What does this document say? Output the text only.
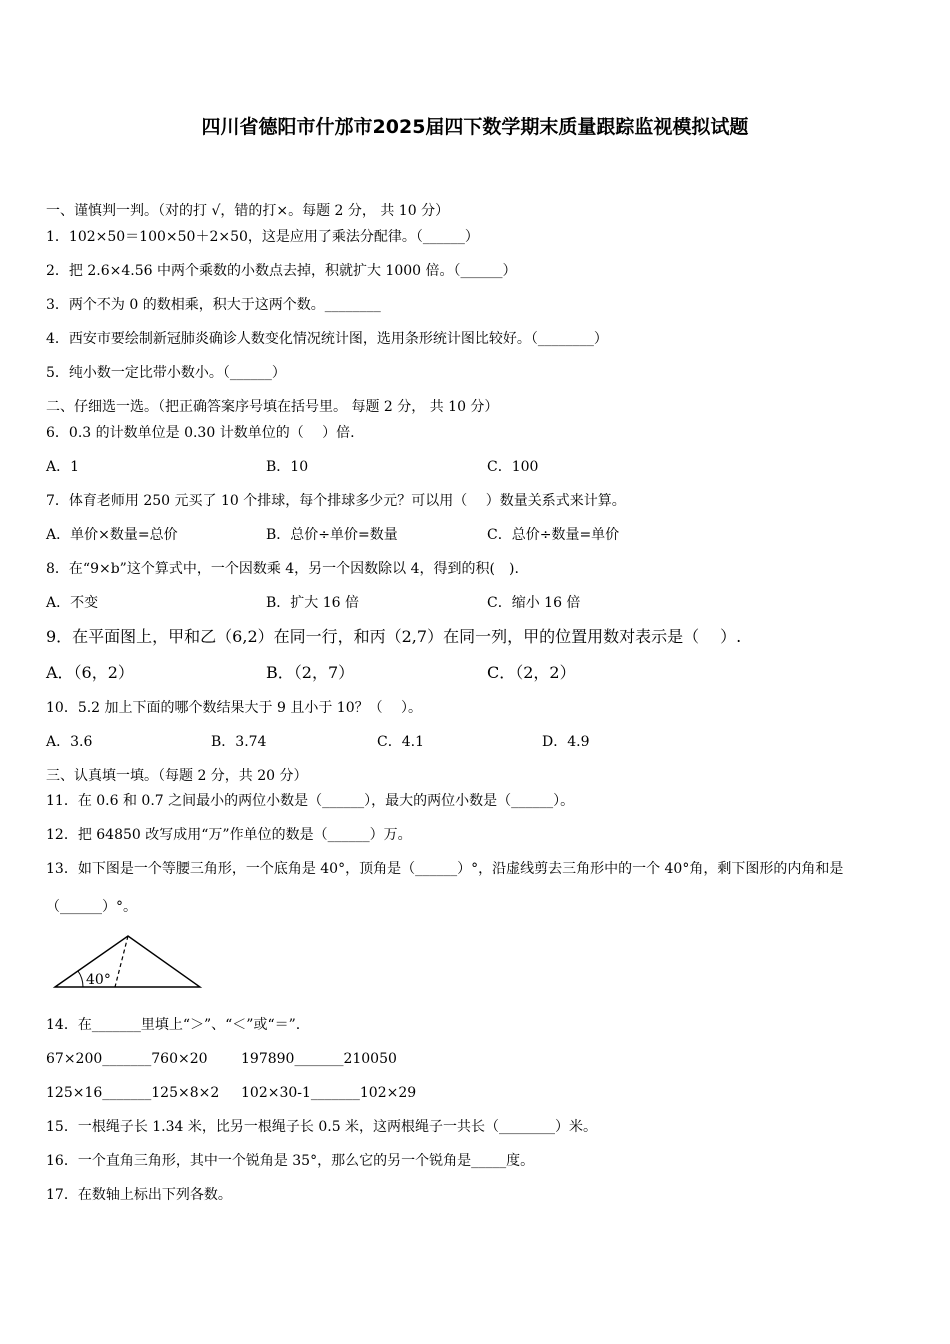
四川省德阳市什邡市2025届四下数学期末质量跟踪监视模拟试题
一、谨慎判一判。（对的打 √，错的打×。每题 2 分， 共 10 分）
1．102×50＝100×50＋2×50，这是应用了乘法分配律。（______）
2．把 2.6×4.56 中两个乘数的小数点去掉，积就扩大 1000 倍。（______）
3．两个不为 0 的数相乘，积大于这两个数。________
4．西安市要绘制新冠肺炎确诊人数变化情况统计图，选用条形统计图比较好。（________）
5．纯小数一定比带小数小。（______）
二、仔细选一选。（把正确答案序号填在括号里。 每题 2 分， 共 10 分）
6．0.3 的计数单位是 0.30 计数单位的（　 ）倍.
A．1	B．10	C．100
7．体育老师用 250 元买了 10 个排球，每个排球多少元？可以用（　 ）数量关系式来计算。
A．单价×数量=总价	B．总价÷单价=数量	C．总价÷数量=单价
8．在“9×b”这个算式中，一个因数乘 4，另一个因数除以 4，得到的积(　).
A．不变	B．扩大 16 倍	C．缩小 16 倍
9．在平面图上，甲和乙（6,2）在同一行，和丙（2,7）在同一列，甲的位置用数对表示是（　 ）.
A．（6，2）	B．（2，7）	C．（2，2）
10．5.2 加上下面的哪个数结果大于 9 且小于 10？（　 ）。
A．3.6	B．3.74	C．4.1	D．4.9
三、认真填一填。（每题 2 分，共 20 分）
11．在 0.6 和 0.7 之间最小的两位小数是（______），最大的两位小数是（______）。
12．把 64850 改写成用“万”作单位的数是（______）万。
13．如下图是一个等腰三角形，一个底角是 40°，顶角是（______）°，沿虚线剪去三角形中的一个 40°角，剩下图形的内角和是（______）°。
40°
14．在_______里填上“＞”、“＜”或“＝”.
67×200_______760×20 197890_______210050
125×16_______125×8×2 102×30-1_______102×29
15．一根绳子长 1.34 米，比另一根绳子长 0.5 米，这两根绳子一共长（________）米。
16．一个直角三角形，其中一个锐角是 35°，那么它的另一个锐角是_____度。
17．在数轴上标出下列各数。
